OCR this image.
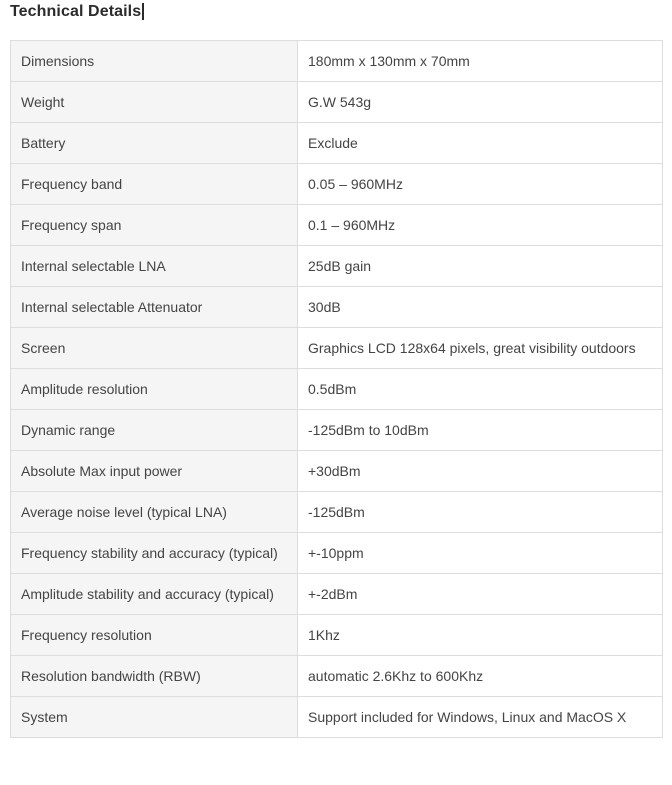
Technical Details
Dimensions	180mm x 130mm x 70mm
Weight	G.W 543g
Battery	Exclude
Frequency band	0.05 – 960MHz
Frequency span	0.1 – 960MHz
Internal selectable LNA	25dB gain
Internal selectable Attenuator	30dB
Screen	Graphics LCD 128x64 pixels, great visibility outdoors
Amplitude resolution	0.5dBm
Dynamic range	-125dBm to 10dBm
Absolute Max input power	+30dBm
Average noise level (typical LNA)	-125dBm
Frequency stability and accuracy (typical)	+-10ppm
Amplitude stability and accuracy (typical)	+-2dBm
Frequency resolution	1Khz
Resolution bandwidth (RBW)	automatic 2.6Khz to 600Khz
System	Support included for Windows, Linux and MacOS X
